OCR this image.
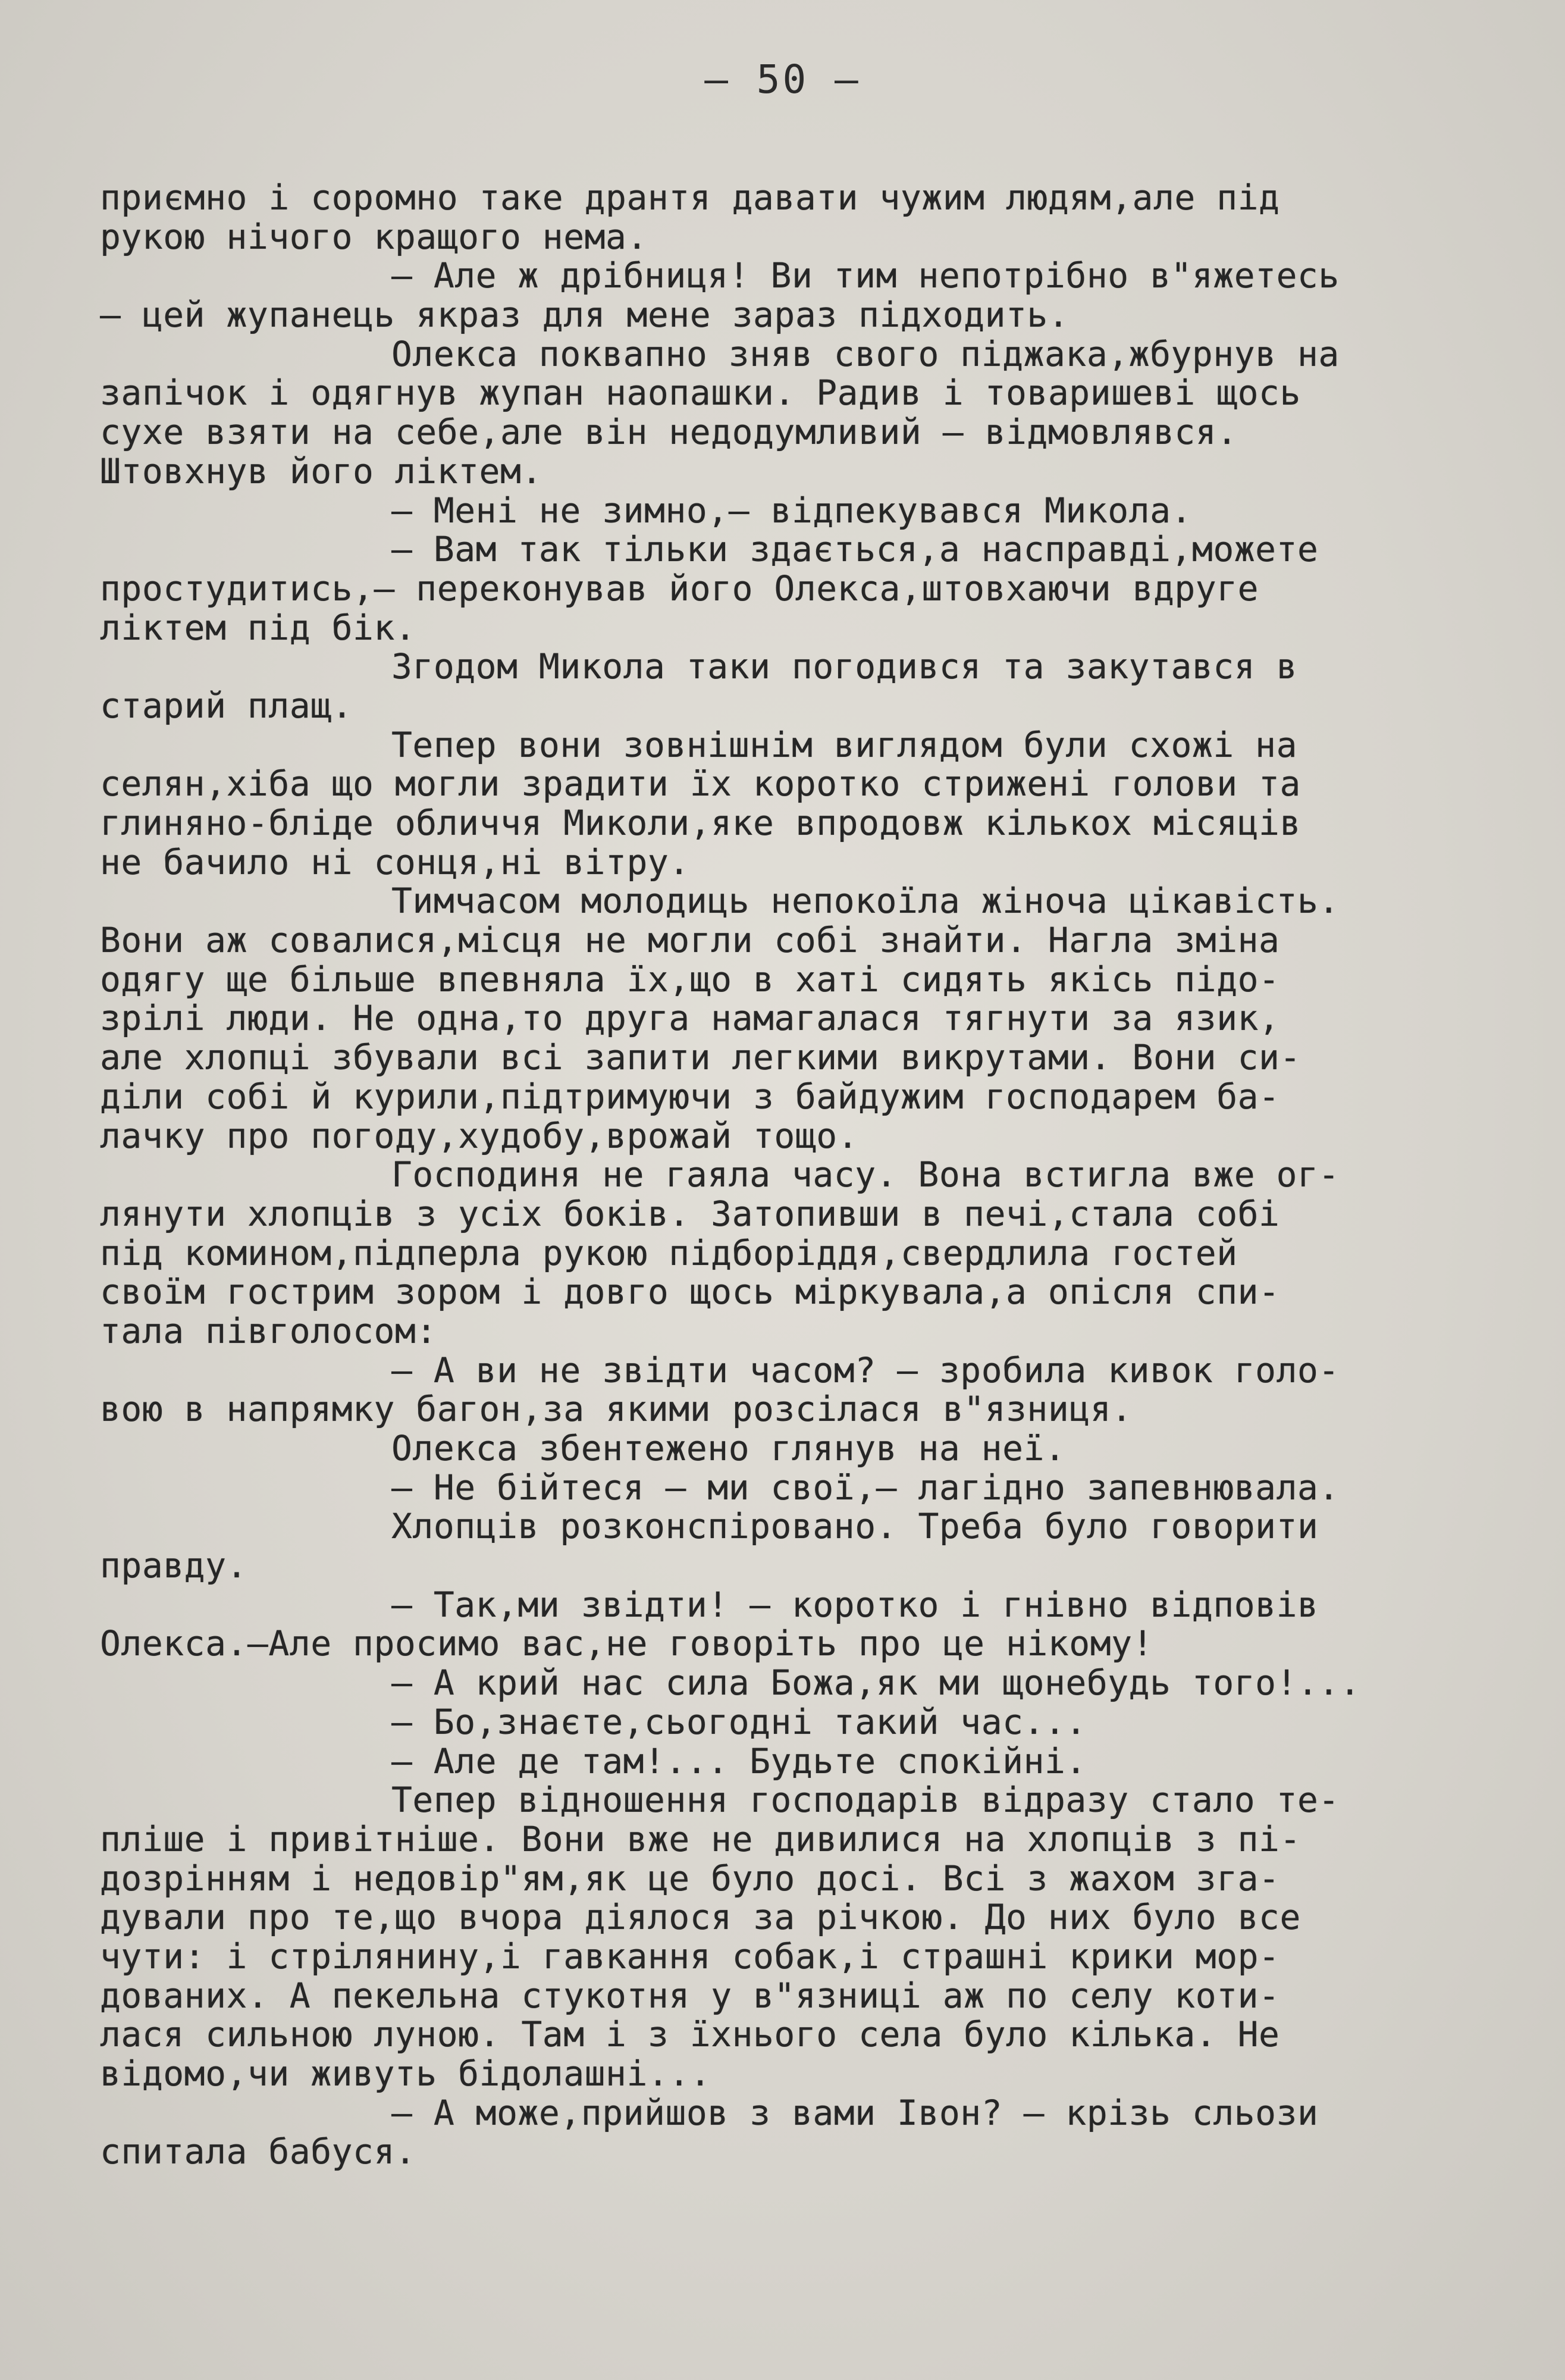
– 50 –
приємно і соромно таке дрантя давати чужим людям,але під
рукою нічого кращого нема.
– Але ж дрібниця! Ви тим непотрібно в"яжетесь
– цей жупанець якраз для мене зараз підходить.
Олекса поквапно зняв свого піджака,жбурнув на
запічок і одягнув жупан наопашки. Радив і товаришеві щось
сухе взяти на себе,але він недодумливий – відмовлявся.
Штовхнув його ліктем.
– Мені не зимно,– відпекувався Микола.
– Вам так тільки здається,а насправді,можете
простудитись,– переконував його Олекса,штовхаючи вдруге
ліктем під бік.
Згодом Микола таки погодився та закутався в
старий плащ.
Тепер вони зовнішнім виглядом були схожі на
селян,хіба що могли зрадити їх коротко стрижені голови та
глиняно-бліде обличчя Миколи,яке впродовж кількох місяців
не бачило ні сонця,ні вітру.
Тимчасом молодиць непокоїла жіноча цікавість.
Вони аж совалися,місця не могли собі знайти. Нагла зміна
одягу ще більше впевняла їх,що в хаті сидять якісь підо-
зрілі люди. Не одна,то друга намагалася тягнути за язик,
але хлопці збували всі запити легкими викрутами. Вони си-
діли собі й курили,підтримуючи з байдужим господарем ба-
лачку про погоду,худобу,врожай тощо.
Господиня не гаяла часу. Вона встигла вже ог-
лянути хлопців з усіх боків. Затопивши в печі,стала собі
під комином,підперла рукою підборіддя,свердлила гостей
своїм гострим зором і довго щось міркувала,а опісля спи-
тала півголосом:
– А ви не звідти часом? – зробила кивок голо-
вою в напрямку багон,за якими розсілася в"язниця.
Олекса збентежено глянув на неї.
– Не бійтеся – ми свої,– лагідно запевнювала.
Хлопців розконспіровано. Треба було говорити
правду.
– Так,ми звідти! – коротко і гнівно відповів
Олекса.–Але просимо вас,не говоріть про це нікому!
– А крий нас сила Божа,як ми щонебудь того!...
– Бо,знаєте,сьогодні такий час...
– Але де там!... Будьте спокійні.
Тепер відношення господарів відразу стало те-
пліше і привітніше. Вони вже не дивилися на хлопців з пі-
дозрінням і недовір"ям,як це було досі. Всі з жахом зга-
дували про те,що вчора діялося за річкою. До них було все
чути: і стрілянину,і гавкання собак,і страшні крики мор-
дованих. А пекельна стукотня у в"язниці аж по селу коти-
лася сильною луною. Там і з їхнього села було кілька. Не
відомо,чи живуть бідолашні...
– А може,прийшов з вами Івон? – крізь сльози
спитала бабуся.
